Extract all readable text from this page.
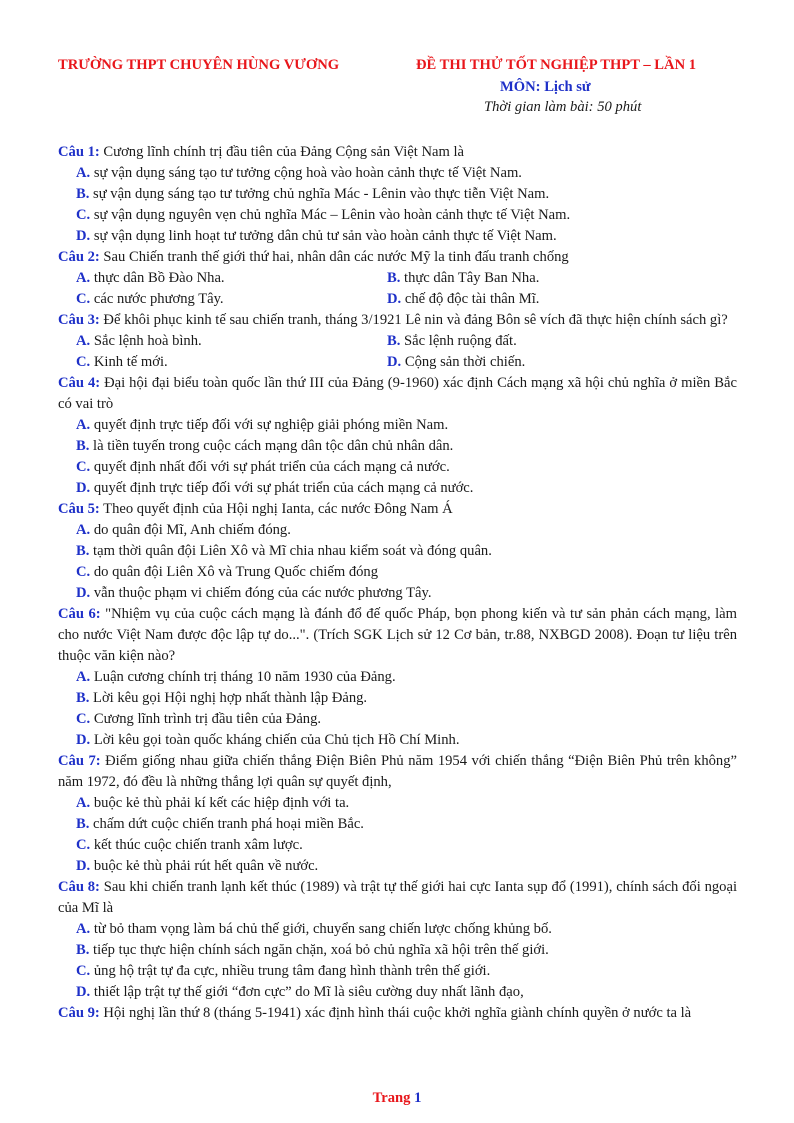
TRƯỜNG THPT CHUYÊN HÙNG VƯƠNG	ĐỀ THI THỬ TỐT NGHIỆP THPT – LẦN 1
MÔN: Lịch sử
Thời gian làm bài: 50 phút
Câu 1: Cương lĩnh chính trị đầu tiên của Đảng Cộng sản Việt Nam là
A. sự vận dụng sáng tạo tư tưởng cộng hoà vào hoàn cảnh thực tế Việt Nam.
B. sự vận dụng sáng tạo tư tưởng chủ nghĩa Mác - Lênin vào thực tiễn Việt Nam.
C. sự vận dụng nguyên vẹn chủ nghĩa Mác – Lênin vào hoàn cảnh thực tế Việt Nam.
D. sự vận dụng linh hoạt tư tưởng dân chủ tư sản vào hoàn cảnh thực tế Việt Nam.
Câu 2: Sau Chiến tranh thế giới thứ hai, nhân dân các nước Mỹ la tinh đấu tranh chống
A. thực dân Bồ Đào Nha.	B. thực dân Tây Ban Nha.
C. các nước phương Tây.	D. chế độ độc tài thân Mĩ.
Câu 3: Để khôi phục kinh tế sau chiến tranh, tháng 3/1921 Lê nin và đảng Bôn sê vích đã thực hiện chính sách gì?
A. Sắc lệnh hoà bình.	B. Sắc lệnh ruộng đất.
C. Kinh tế mới.	D. Cộng sản thời chiến.
Câu 4: Đại hội đại biểu toàn quốc lần thứ III của Đảng (9-1960) xác định Cách mạng xã hội chủ nghĩa ở miền Bắc có vai trò
A. quyết định trực tiếp đối với sự nghiệp giải phóng miền Nam.
B. là tiền tuyến trong cuộc cách mạng dân tộc dân chủ nhân dân.
C. quyết định nhất đối với sự phát triển của cách mạng cả nước.
D. quyết định trực tiếp đối với sự phát triển của cách mạng cả nước.
Câu 5: Theo quyết định của Hội nghị Ianta, các nước Đông Nam Á
A. do quân đội Mĩ, Anh chiếm đóng.
B. tạm thời quân đội Liên Xô và Mĩ chia nhau kiểm soát và đóng quân.
C. do quân đội Liên Xô và Trung Quốc chiếm đóng
D. vẫn thuộc phạm vi chiếm đóng của các nước phương Tây.
Câu 6: "Nhiệm vụ của cuộc cách mạng là đánh đổ đế quốc Pháp, bọn phong kiến và tư sản phản cách mạng, làm cho nước Việt Nam được độc lập tự do...". (Trích SGK Lịch sử 12 Cơ bản, tr.88, NXBGD 2008). Đoạn tư liệu trên thuộc văn kiện nào?
A. Luận cương chính trị tháng 10 năm 1930 của Đảng.
B. Lời kêu gọi Hội nghị hợp nhất thành lập Đảng.
C. Cương lĩnh trình trị đầu tiên của Đảng.
D. Lời kêu gọi toàn quốc kháng chiến của Chủ tịch Hồ Chí Minh.
Câu 7: Điểm giống nhau giữa chiến thắng Điện Biên Phủ năm 1954 với chiến thắng “Điện Biên Phủ trên không” năm 1972, đó đều là những thắng lợi quân sự quyết định,
A. buộc kẻ thù phải kí kết các hiệp định với ta.
B. chấm dứt cuộc chiến tranh phá hoại miền Bắc.
C. kết thúc cuộc chiến tranh xâm lược.
D. buộc kẻ thù phải rút hết quân về nước.
Câu 8: Sau khi chiến tranh lạnh kết thúc (1989) và trật tự thế giới hai cực Ianta sụp đổ (1991), chính sách đối ngoại của Mĩ là
A. từ bỏ tham vọng làm bá chủ thế giới, chuyển sang chiến lược chống khủng bố.
B. tiếp tục thực hiện chính sách ngăn chặn, xoá bỏ chủ nghĩa xã hội trên thế giới.
C. ủng hộ trật tự đa cực, nhiều trung tâm đang hình thành trên thế giới.
D. thiết lập trật tự thế giới “đơn cực” do Mĩ là siêu cường duy nhất lãnh đạo,
Câu 9: Hội nghị lần thứ 8 (tháng 5-1941) xác định hình thái cuộc khởi nghĩa giành chính quyền ở nước ta là
Trang 1
